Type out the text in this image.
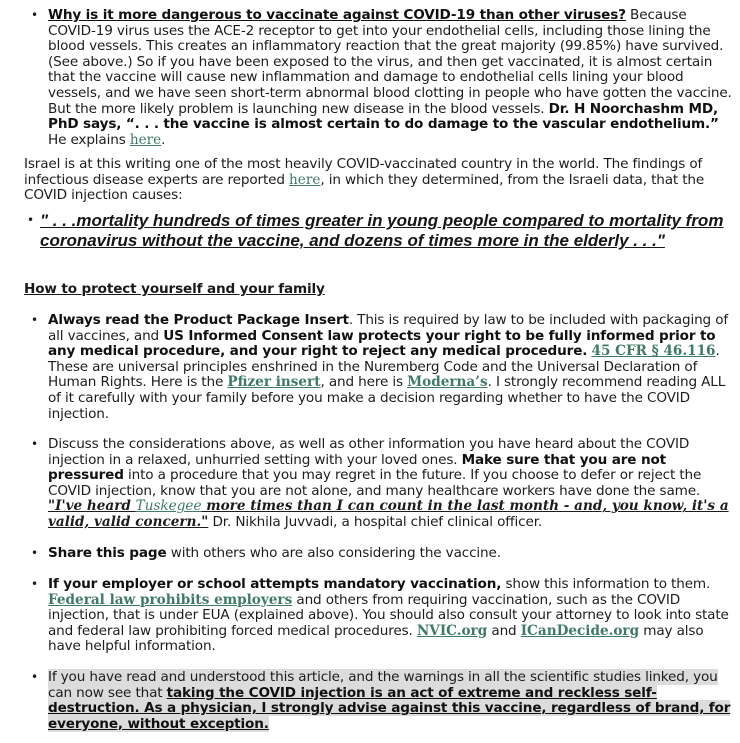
• Why is it more dangerous to vaccinate against COVID-19 than other viruses? Because COVID-19 virus uses the ACE-2 receptor to get into your endothelial cells, including those lining the blood vessels. This creates an inflammatory reaction that the great majority (99.85%) have survived. (See above.) So if you have been exposed to the virus, and then get vaccinated, it is almost certain that the vaccine will cause new inflammation and damage to endothelial cells lining your blood vessels, and we have seen short-term abnormal blood clotting in people who have gotten the vaccine. But the more likely problem is launching new disease in the blood vessels. Dr. H Noorchashm MD, PhD says, “. . . the vaccine is almost certain to do damage to the vascular endothelium.” He explains here.
Israel is at this writing one of the most heavily COVID-vaccinated country in the world. The findings of infectious disease experts are reported here, in which they determined, from the Israeli data, that the COVID injection causes:
• " . . .mortality hundreds of times greater in young people compared to mortality from coronavirus without the vaccine, and dozens of times more in the elderly . . ."
How to protect yourself and your family
• Always read the Product Package Insert. This is required by law to be included with packaging of all vaccines, and US Informed Consent law protects your right to be fully informed prior to any medical procedure, and your right to reject any medical procedure. 45 CFR § 46.116. These are universal principles enshrined in the Nuremberg Code and the Universal Declaration of Human Rights. Here is the Pfizer insert, and here is Moderna’s. I strongly recommend reading ALL of it carefully with your family before you make a decision regarding whether to have the COVID injection.
• Discuss the considerations above, as well as other information you have heard about the COVID injection in a relaxed, unhurried setting with your loved ones. Make sure that you are not pressured into a procedure that you may regret in the future. If you choose to defer or reject the COVID injection, know that you are not alone, and many healthcare workers have done the same. "I've heard Tuskegee more times than I can count in the last month - and, you know, it's a valid, valid concern." Dr. Nikhila Juvvadi, a hospital chief clinical officer.
• Share this page with others who are also considering the vaccine.
• If your employer or school attempts mandatory vaccination, show this information to them. Federal law prohibits employers and others from requiring vaccination, such as the COVID injection, that is under EUA (explained above). You should also consult your attorney to look into state and federal law prohibiting forced medical procedures. NVIC.org and ICanDecide.org may also have helpful information.
• If you have read and understood this article, and the warnings in all the scientific studies linked, you can now see that taking the COVID injection is an act of extreme and reckless self-destruction. As a physician, I strongly advise against this vaccine, regardless of brand, for everyone, without exception.
